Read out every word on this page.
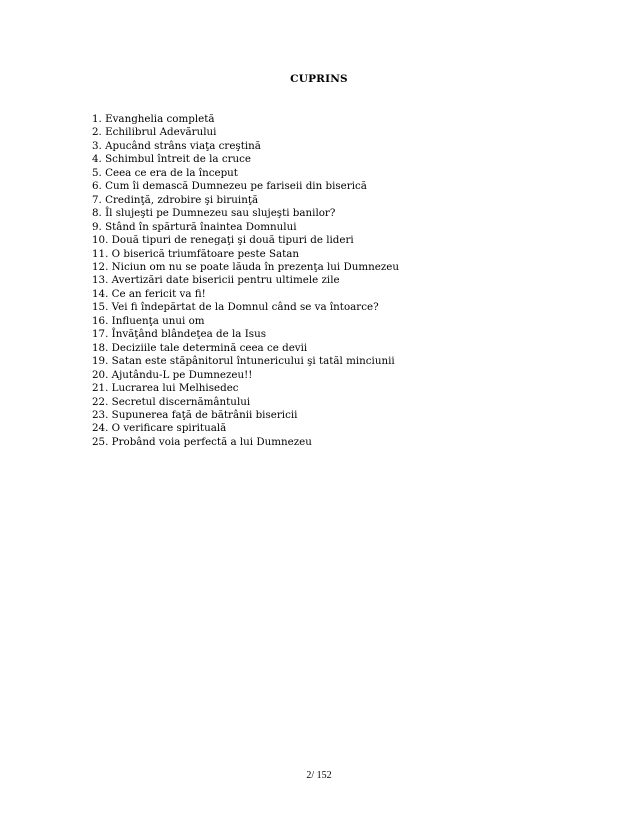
CUPRINS
1. Evanghelia completă
2. Echilibrul Adevărului
3. Apucând strâns viaţa creştină
4. Schimbul întreit de la cruce
5. Ceea ce era de la început
6. Cum îi demască Dumnezeu pe fariseii din biserică
7. Credinţă, zdrobire şi biruinţă
8. Îl slujeşti pe Dumnezeu sau slujeşti banilor?
9. Stând în spărtură înaintea Domnului
10. Două tipuri de renegaţi şi două tipuri de lideri
11. O biserică triumfătoare peste Satan
12. Niciun om nu se poate lăuda în prezenţa lui Dumnezeu
13. Avertizări date bisericii pentru ultimele zile
14. Ce an fericit va fi!
15. Vei fi îndepărtat de la Domnul când se va întoarce?
16. Influenţa unui om
17. Învăţând blândeţea de la Isus
18. Deciziile tale determină ceea ce devii
19. Satan este stăpânitorul întunericului şi tatăl minciunii
20. Ajutându-L pe Dumnezeu!!
21. Lucrarea lui Melhisedec
22. Secretul discernământului
23. Supunerea faţă de bătrânii bisericii
24. O verificare spirituală
25. Probând voia perfectă a lui Dumnezeu
2/ 152
